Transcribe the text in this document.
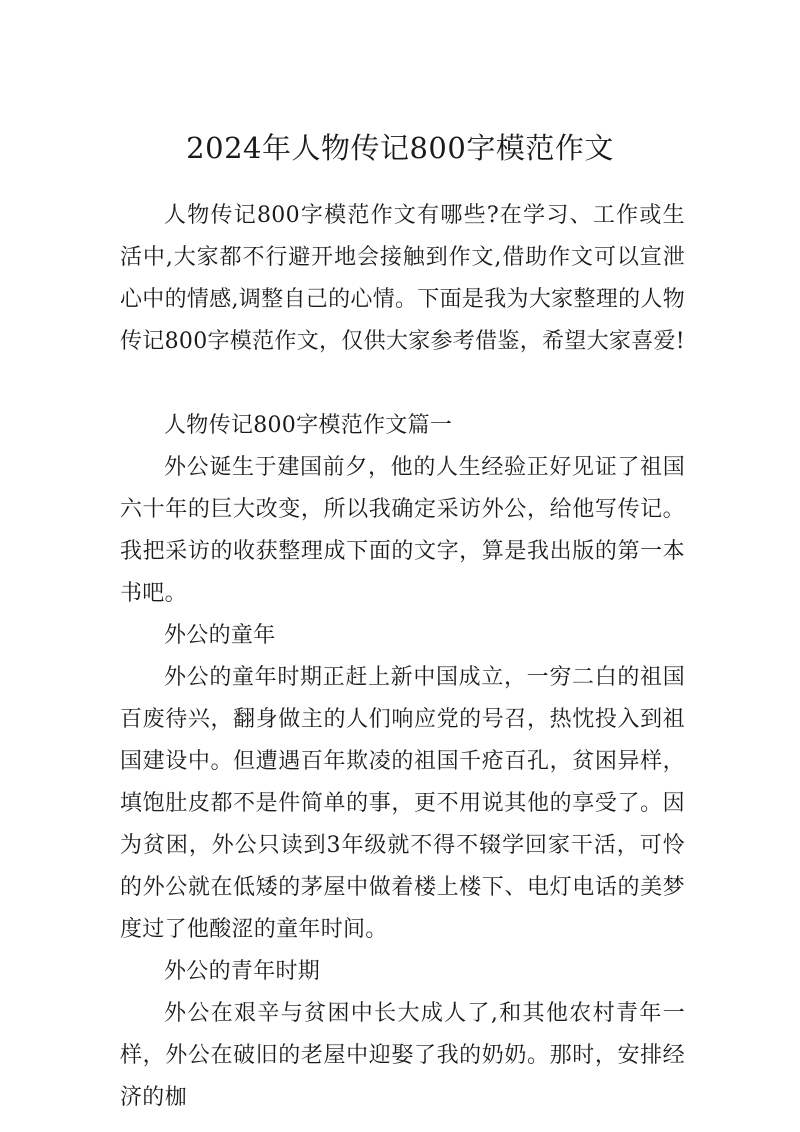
2024年人物传记800字模范作文

人物传记800字模范作文有哪些?在学习、工作或生活中,大家都不行避开地会接触到作文,借助作文可以宣泄心中的情感,调整自己的心情。下面是我为大家整理的人物传记800字模范作文，仅供大家参考借鉴，希望大家喜爱!

人物传记800字模范作文篇一

外公诞生于建国前夕，他的人生经验正好见证了祖国六十年的巨大改变，所以我确定采访外公，给他写传记。我把采访的收获整理成下面的文字，算是我出版的第一本书吧。

外公的童年

外公的童年时期正赶上新中国成立，一穷二白的祖国百废待兴，翻身做主的人们响应党的号召，热忱投入到祖国建设中。但遭遇百年欺凌的祖国千疮百孔，贫困异样，填饱肚皮都不是件简单的事，更不用说其他的享受了。因为贫困，外公只读到3年级就不得不辍学回家干活，可怜的外公就在低矮的茅屋中做着楼上楼下、电灯电话的美梦度过了他酸涩的童年时间。

外公的青年时期

外公在艰辛与贫困中长大成人了,和其他农村青年一样，外公在破旧的老屋中迎娶了我的奶奶。那时，安排经济的枷
